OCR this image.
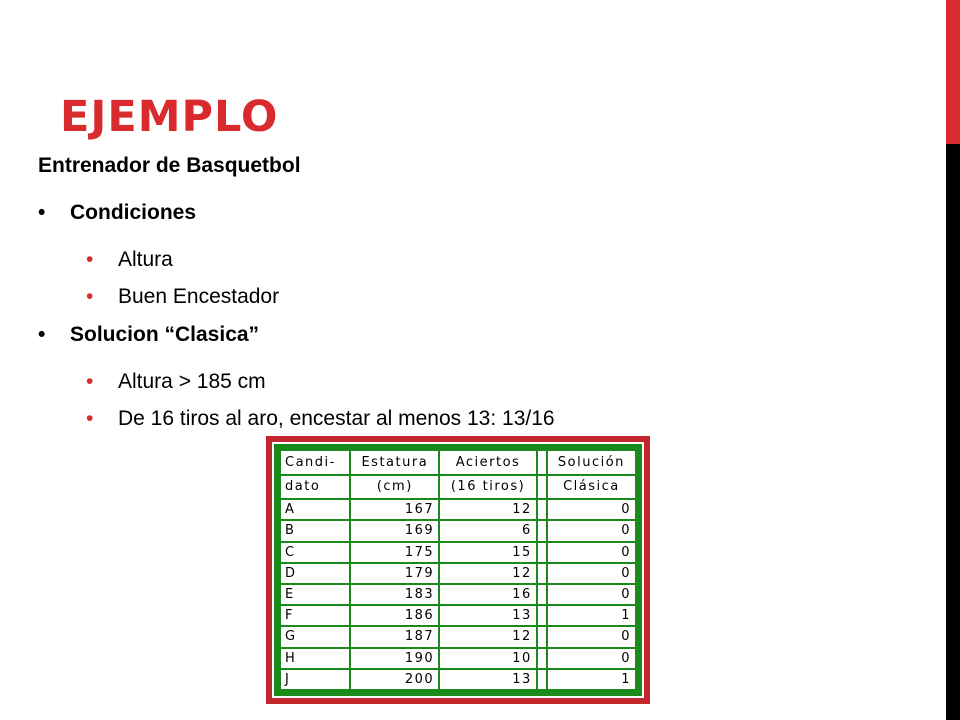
EJEMPLO
Entrenador de Basquetbol
• Condiciones
• Altura
• Buen Encestador
• Solucion “Clasica”
• Altura > 185 cm
• De 16 tiros al aro, encestar al menos 13: 13/16
Candi-	Estatura	Aciertos		Solución
dato	(cm)	(16 tiros)		Clásica
A	167	12		0
B	169	6		0
C	175	15		0
D	179	12		0
E	183	16		0
F	186	13		1
G	187	12		0
H	190	10		0
J	200	13		1
